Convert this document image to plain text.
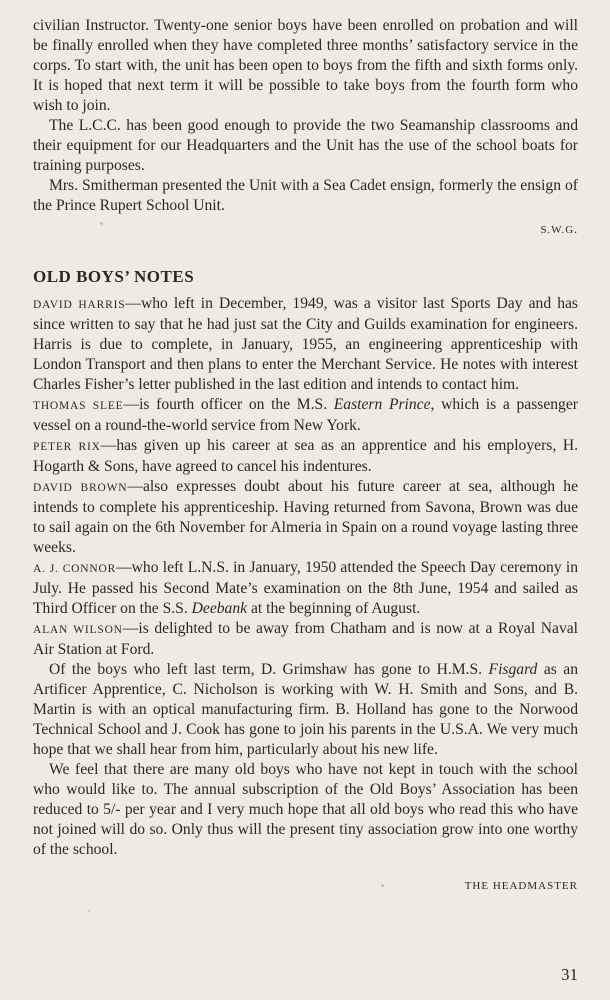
civilian Instructor. Twenty-one senior boys have been enrolled on probation and will be finally enrolled when they have completed three months’ satisfactory service in the corps. To start with, the unit has been open to boys from the fifth and sixth forms only. It is hoped that next term it will be possible to take boys from the fourth form who wish to join.

The L.C.C. has been good enough to provide the two Seamanship classrooms and their equipment for our Headquarters and the Unit has the use of the school boats for training purposes.

Mrs. Smitherman presented the Unit with a Sea Cadet ensign, formerly the ensign of the Prince Rupert School Unit.

S.W.G.
OLD BOYS’ NOTES

DAVID HARRIS—who left in December, 1949, was a visitor last Sports Day and has since written to say that he had just sat the City and Guilds examination for engineers. Harris is due to complete, in January, 1955, an engineering apprenticeship with London Transport and then plans to enter the Merchant Service. He notes with interest Charles Fisher’s letter published in the last edition and intends to contact him.

THOMAS SLEE—is fourth officer on the M.S. Eastern Prince, which is a passenger vessel on a round-the-world service from New York.

PETER RIX—has given up his career at sea as an apprentice and his employers, H. Hogarth & Sons, have agreed to cancel his indentures.

DAVID BROWN—also expresses doubt about his future career at sea, although he intends to complete his apprenticeship. Having returned from Savona, Brown was due to sail again on the 6th November for Almeria in Spain on a round voyage lasting three weeks.

A. J. CONNOR—who left L.N.S. in January, 1950 attended the Speech Day ceremony in July. He passed his Second Mate’s examination on the 8th June, 1954 and sailed as Third Officer on the S.S. Deebank at the beginning of August.

ALAN WILSON—is delighted to be away from Chatham and is now at a Royal Naval Air Station at Ford.

Of the boys who left last term, D. Grimshaw has gone to H.M.S. Fisgard as an Artificer Apprentice, C. Nicholson is working with W. H. Smith and Sons, and B. Martin is with an optical manufacturing firm. B. Holland has gone to the Norwood Technical School and J. Cook has gone to join his parents in the U.S.A. We very much hope that we shall hear from him, particularly about his new life.

We feel that there are many old boys who have not kept in touch with the school who would like to. The annual subscription of the Old Boys’ Association has been reduced to 5/- per year and I very much hope that all old boys who read this who have not joined will do so. Only thus will the present tiny association grow into one worthy of the school.

THE HEADMASTER
31
